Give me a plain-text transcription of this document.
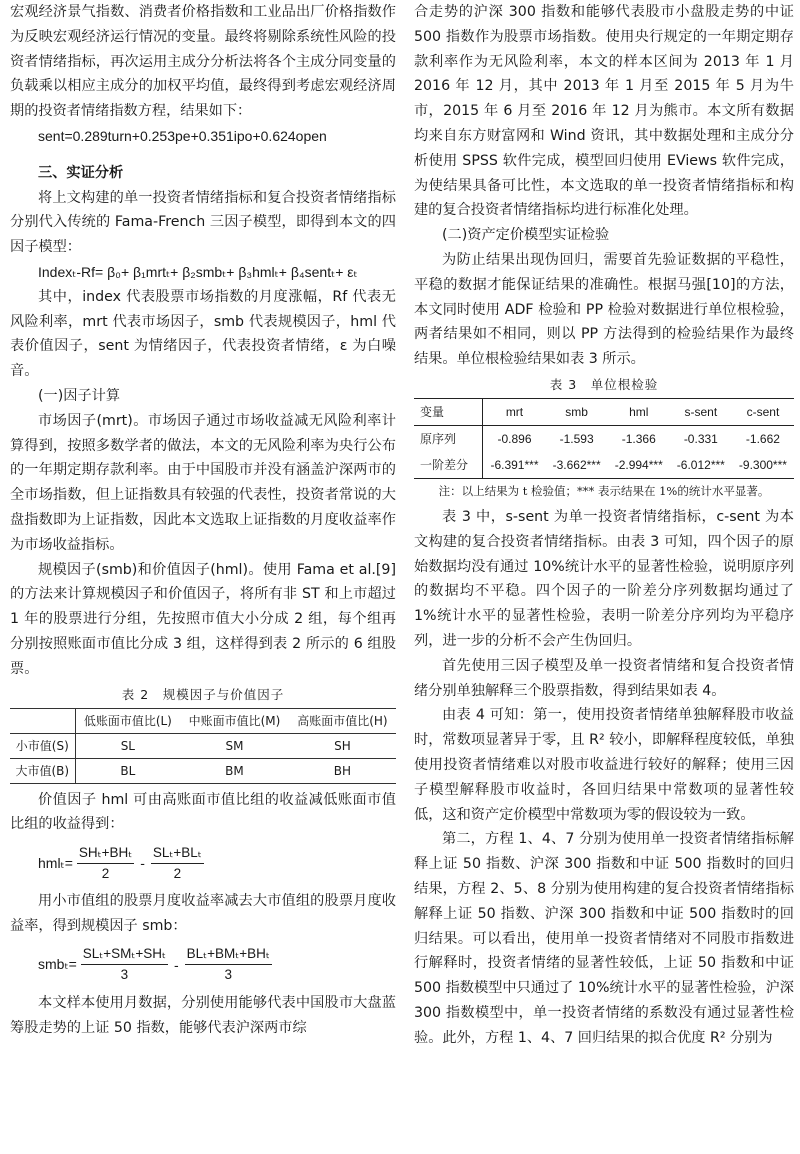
宏观经济景气指数、消费者价格指数和工业品出厂价格指数作为反映宏观经济运行情况的变量。最终将剔除系统性风险的投资者情绪指标，再次运用主成分分析法将各个主成分同变量的负载乘以相应主成分的加权平均值，最终得到考虑宏观经济周期的投资者情绪指数方程，结果如下：

sent=0.289turn+0.253pe+0.351ipo+0.624open

三、实证分析

将上文构建的单一投资者情绪指标和复合投资者情绪指标分别代入传统的 Fama-French 三因子模型，即得到本文的四因子模型：

Indexₜ-Rf= β₀+ β₁mrtₜ+ β₂smbₜ+ β₃hmlₜ+ β₄sentₜ+ εₜ

其中，index 代表股票市场指数的月度涨幅，Rf 代表无风险利率，mrt 代表市场因子，smb 代表规模因子，hml 代表价值因子，sent 为情绪因子，代表投资者情绪，ε 为白噪音。

(一)因子计算

市场因子(mrt)。市场因子通过市场收益减无风险利率计算得到，按照多数学者的做法，本文的无风险利率为央行公布的一年期定期存款利率。由于中国股市并没有涵盖沪深两市的全市场指数，但上证指数具有较强的代表性，投资者常说的大盘指数即为上证指数，因此本文选取上证指数的月度收益率作为市场收益指标。

规模因子(smb)和价值因子(hml)。使用 Fama et al.[9] 的方法来计算规模因子和价值因子，将所有非 ST 和上市超过 1 年的股票进行分组，先按照市值大小分成 2 组，每个组再分别按照账面市值比分成 3 组，这样得到表 2 所示的 6 组股票。

表 2　规模因子与价值因子
	低账面市值比(L)	中账面市值比(M)	高账面市值比(H)
小市值(S)	SL	SM	SH
大市值(B)	BL	BM	BH

价值因子 hml 可由高账面市值比组的收益减低账面市值比组的收益得到：

$hml_t= \frac{\text{SHₜ+BHₜ}}{2} - \frac{\text{SLₜ+BLₜ}}{2}$

用小市值组的股票月度收益率减去大市值组的股票月度收益率，得到规模因子 smb：

$smb_t= \frac{\text{SLₜ+SMₜ+SHₜ}}{3} - \frac{\text{BLₜ+BMₜ+BHₜ}}{3}$

本文样本使用月数据，分别使用能够代表中国股市大盘蓝筹股走势的上证 50 指数，能够代表沪深两市综

合走势的沪深 300 指数和能够代表股市小盘股走势的中证 500 指数作为股票市场指数。使用央行规定的一年期定期存款利率作为无风险利率，本文的样本区间为 2013 年 1 月 2016 年 12 月，其中 2013 年 1 月至 2015 年 5 月为牛市，2015 年 6 月至 2016 年 12 月为熊市。本文所有数据均来自东方财富网和 Wind 资讯，其中数据处理和主成分分析使用 SPSS 软件完成，模型回归使用 EViews 软件完成，为使结果具备可比性，本文选取的单一投资者情绪指标和构建的复合投资者情绪指标均进行标准化处理。

(二)资产定价模型实证检验

为防止结果出现伪回归，需要首先验证数据的平稳性，平稳的数据才能保证结果的准确性。根据马强[10]的方法，本文同时使用 ADF 检验和 PP 检验对数据进行单位根检验，两者结果如不相同，则以 PP 方法得到的检验结果作为最终结果。单位根检验结果如表 3 所示。

表 3　单位根检验
变量	mrt	smb	hml	s-sent	c-sent
原序列	-0.896	-1.593	-1.366	-0.331	-1.662
一阶差分	-6.391***	-3.662***	-2.994***	-6.012***	-9.300***
注：以上结果为 t 检验值；*** 表示结果在 1%的统计水平显著。

表 3 中，s-sent 为单一投资者情绪指标，c-sent 为本文构建的复合投资者情绪指标。由表 3 可知，四个因子的原始数据均没有通过 10%统计水平的显著性检验，说明原序列的数据均不平稳。四个因子的一阶差分序列数据均通过了 1%统计水平的显著性检验，表明一阶差分序列均为平稳序列，进一步的分析不会产生伪回归。

首先使用三因子模型及单一投资者情绪和复合投资者情绪分别单独解释三个股票指数，得到结果如表 4。

由表 4 可知：第一，使用投资者情绪单独解释股市收益时，常数项显著异于零，且 R² 较小，即解释程度较低，单独使用投资者情绪难以对股市收益进行较好的解释；使用三因子模型解释股市收益时，各回归结果中常数项的显著性较低，这和资产定价模型中常数项为零的假设较为一致。

第二，方程 1、4、7 分别为使用单一投资者情绪指标解释上证 50 指数、沪深 300 指数和中证 500 指数时的回归结果，方程 2、5、8 分别为使用构建的复合投资者情绪指标解释上证 50 指数、沪深 300 指数和中证 500 指数时的回归结果。可以看出，使用单一投资者情绪对不同股市指数进行解释时，投资者情绪的显著性较低，上证 50 指数和中证 500 指数模型中只通过了 10%统计水平的显著性检验，沪深 300 指数模型中，单一投资者情绪的系数没有通过显著性检验。此外，方程 1、4、7 回归结果的拟合优度 R² 分别为
